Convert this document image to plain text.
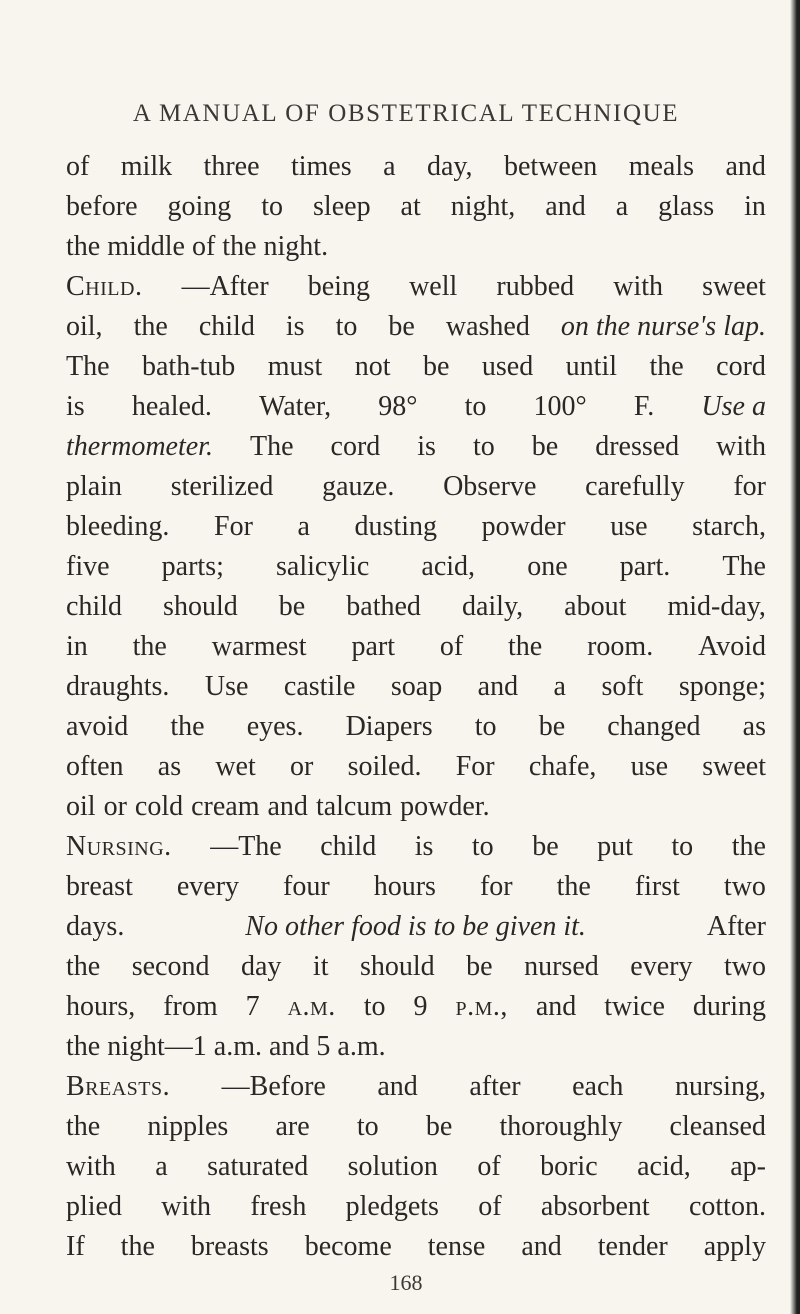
A MANUAL OF OBSTETRICAL TECHNIQUE
of milk three times a day, between meals and
before going to sleep at night, and a glass in
the middle of the night.
Child. —After being well rubbed with sweet
oil, the child is to be washed on the nurse's lap.
The bath-tub must not be used until the cord
is healed. Water, 98° to 100° F. Use a
thermometer. The cord is to be dressed with
plain sterilized gauze. Observe carefully for
bleeding. For a dusting powder use starch,
five parts; salicylic acid, one part. The
child should be bathed daily, about mid-day,
in the warmest part of the room. Avoid
draughts. Use castile soap and a soft sponge;
avoid the eyes. Diapers to be changed as
often as wet or soiled. For chafe, use sweet
oil or cold cream and talcum powder.
Nursing. —The child is to be put to the
breast every four hours for the first two
days.	No other food is to be given it.	After
the second day it should be nursed every two
hours, from 7 a.m. to 9 p.m., and twice during
the night—1 a.m. and 5 a.m.
Breasts. —Before and after each nursing,
the nipples are to be thoroughly cleansed
with a saturated solution of boric acid, ap-
plied with fresh pledgets of absorbent cotton.
If the breasts become tense and tender apply
168
